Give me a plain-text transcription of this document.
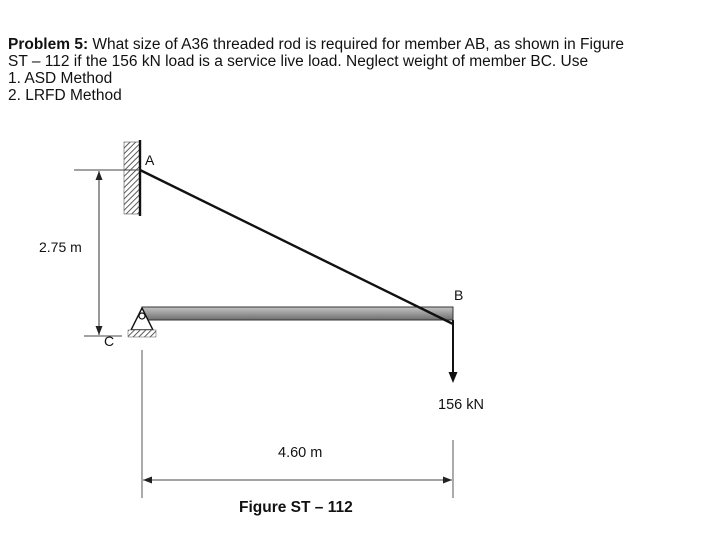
Problem 5: What size of A36 threaded rod is required for member AB, as shown in Figure

ST – 112 if the 156 kN load is a service live load. Neglect weight of member BC. Use

1. ASD Method
2. LRFD Method
A
2.75 m
C
B
156 kN
4.60 m
Figure ST – 112
